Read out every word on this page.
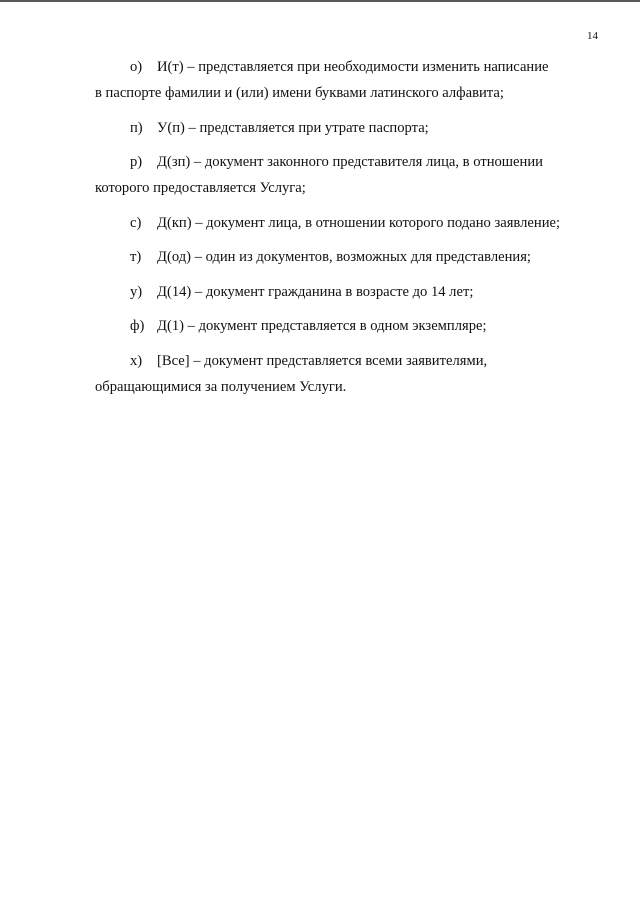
14

о) И(т) – представляется при необходимости изменить написание
в паспорте фамилии и (или) имени буквами латинского алфавита;

п) У(п) – представляется при утрате паспорта;

р) Д(зп) – документ законного представителя лица, в отношении
которого предоставляется Услуга;

с) Д(кп) – документ лица, в отношении которого подано заявление;

т) Д(од) – один из документов, возможных для представления;

у) Д(14) – документ гражданина в возрасте до 14 лет;

ф) Д(1) – документ представляется в одном экземпляре;

х) [Все] – документ представляется всеми заявителями,
обращающимися за получением Услуги.
